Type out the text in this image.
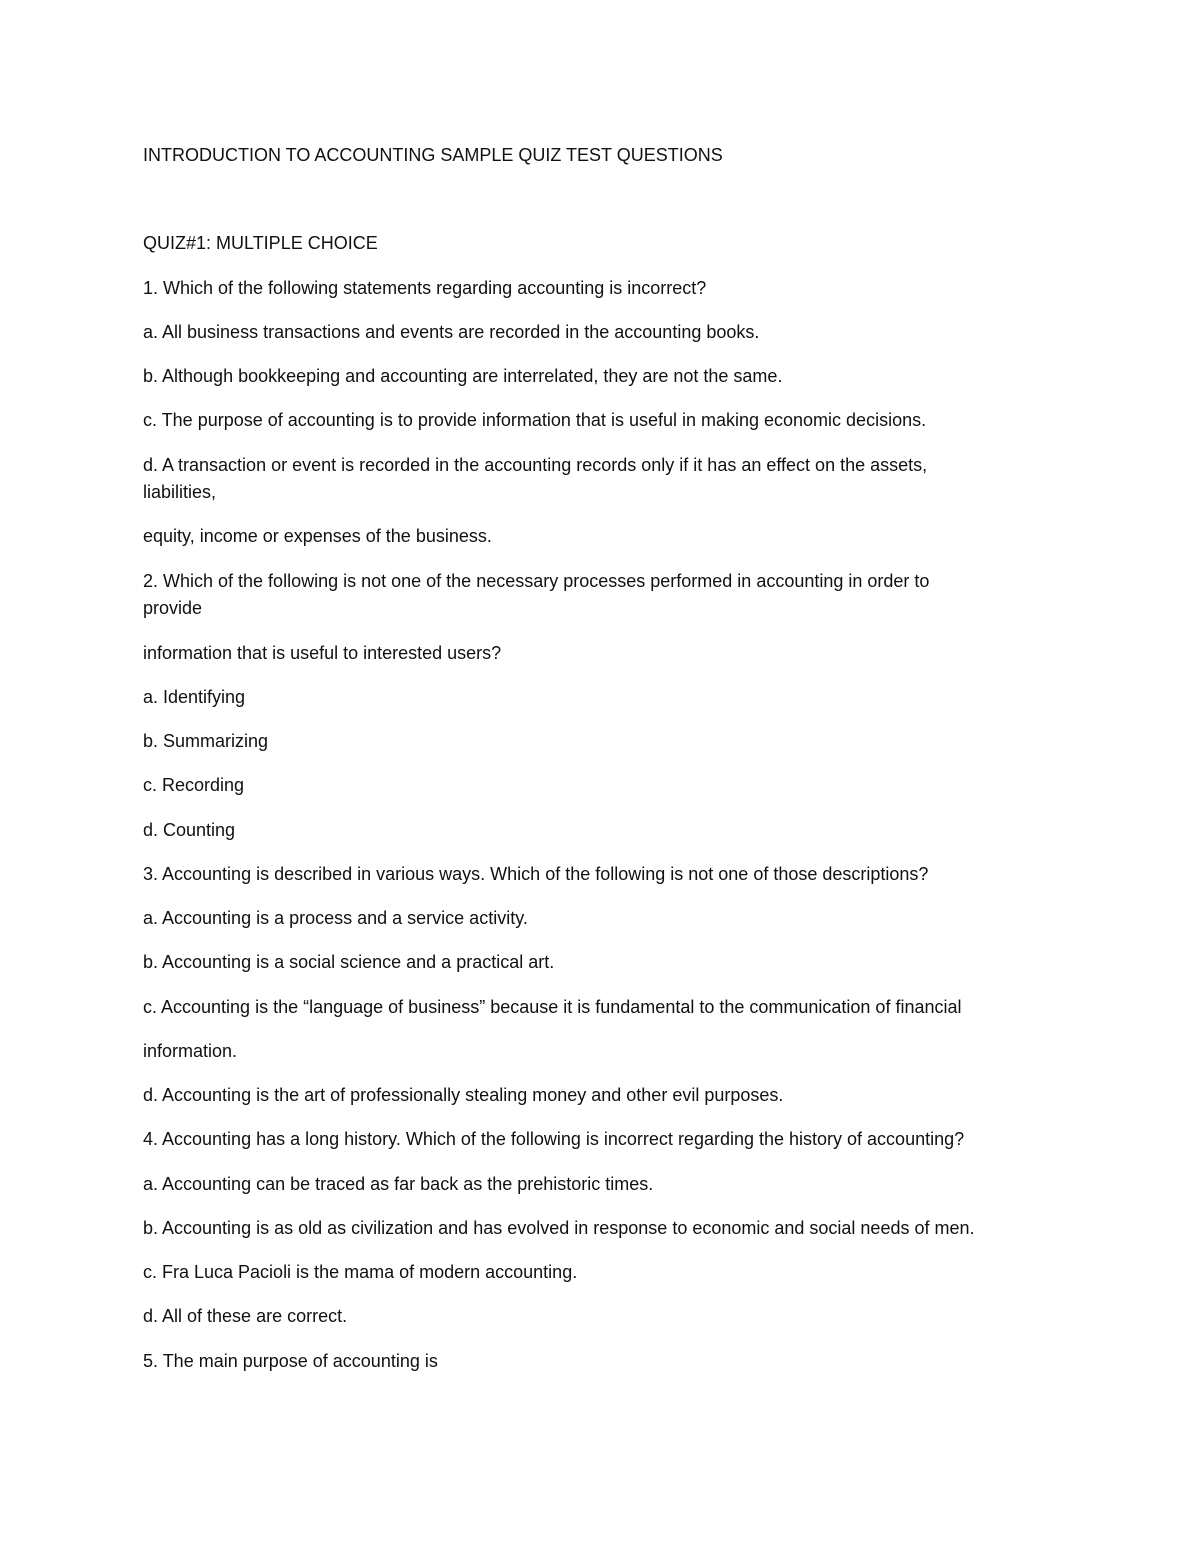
INTRODUCTION TO ACCOUNTING SAMPLE QUIZ TEST QUESTIONS

QUIZ#1: MULTIPLE CHOICE

1. Which of the following statements regarding accounting is incorrect?

a. All business transactions and events are recorded in the accounting books.

b. Although bookkeeping and accounting are interrelated, they are not the same.

c. The purpose of accounting is to provide information that is useful in making economic decisions.

d. A transaction or event is recorded in the accounting records only if it has an effect on the assets,

liabilities,

equity, income or expenses of the business.

2. Which of the following is not one of the necessary processes performed in accounting in order to

provide

information that is useful to interested users?

a. Identifying

b. Summarizing

c. Recording

d. Counting

3. Accounting is described in various ways. Which of the following is not one of those descriptions?

a. Accounting is a process and a service activity.

b. Accounting is a social science and a practical art.

c. Accounting is the “language of business” because it is fundamental to the communication of financial

information.

d. Accounting is the art of professionally stealing money and other evil purposes.

4. Accounting has a long history. Which of the following is incorrect regarding the history of accounting?

a. Accounting can be traced as far back as the prehistoric times.

b. Accounting is as old as civilization and has evolved in response to economic and social needs of men.

c. Fra Luca Pacioli is the mama of modern accounting.

d. All of these are correct.

5. The main purpose of accounting is
